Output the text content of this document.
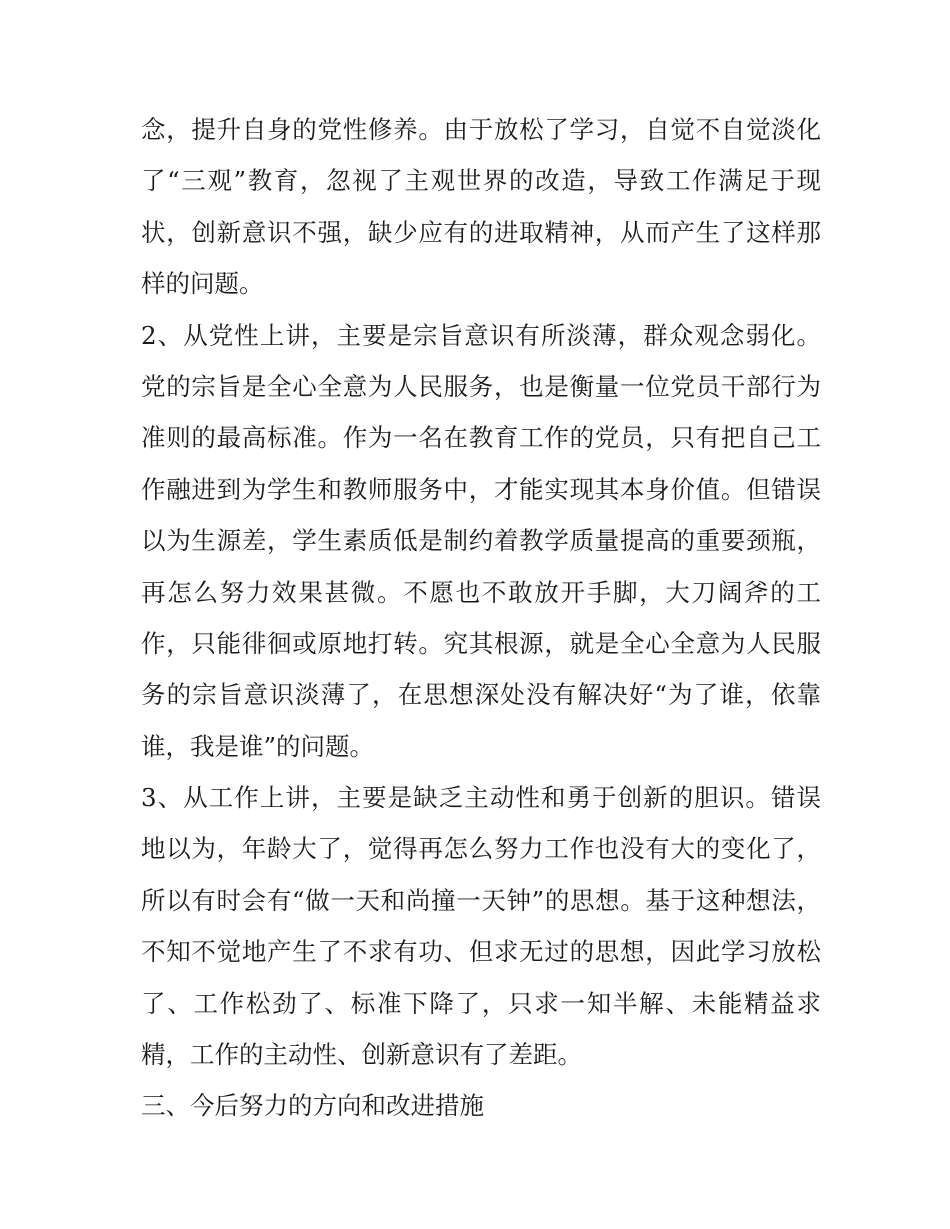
念，提升自身的党性修养。由于放松了学习，自觉不自觉淡化
了“三观”教育，忽视了主观世界的改造，导致工作满足于现
状，创新意识不强，缺少应有的进取精神，从而产生了这样那
样的问题。
2、从党性上讲，主要是宗旨意识有所淡薄，群众观念弱化。
党的宗旨是全心全意为人民服务，也是衡量一位党员干部行为
准则的最高标准。作为一名在教育工作的党员，只有把自己工
作融进到为学生和教师服务中，才能实现其本身价值。但错误
以为生源差，学生素质低是制约着教学质量提高的重要颈瓶，
再怎么努力效果甚微。不愿也不敢放开手脚，大刀阔斧的工
作，只能徘徊或原地打转。究其根源，就是全心全意为人民服
务的宗旨意识淡薄了，在思想深处没有解决好“为了谁，依靠
谁，我是谁”的问题。
3、从工作上讲，主要是缺乏主动性和勇于创新的胆识。错误
地以为，年龄大了，觉得再怎么努力工作也没有大的变化了，
所以有时会有“做一天和尚撞一天钟”的思想。基于这种想法，
不知不觉地产生了不求有功、但求无过的思想，因此学习放松
了、工作松劲了、标准下降了，只求一知半解、未能精益求
精，工作的主动性、创新意识有了差距。
三、今后努力的方向和改进措施
